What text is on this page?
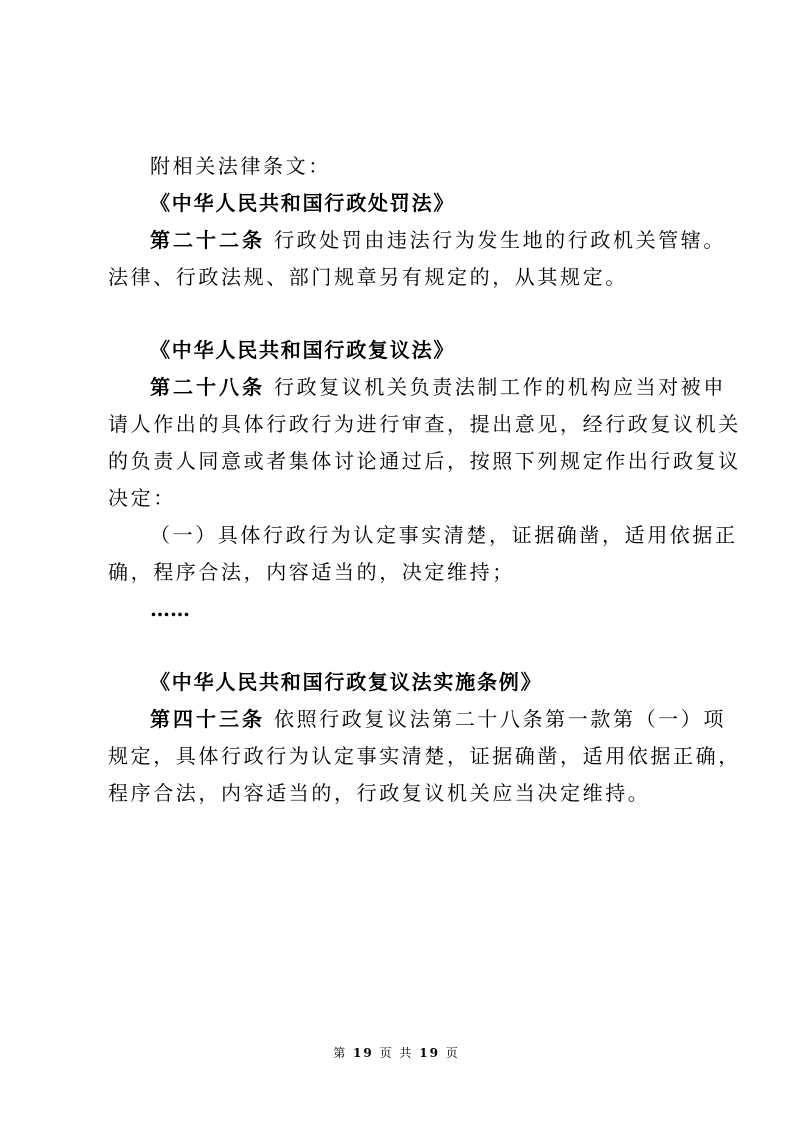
附相关法律条文：
《中华人民共和国行政处罚法》
第二十二条 行政处罚由违法行为发生地的行政机关管辖。
法律、行政法规、部门规章另有规定的，从其规定。
《中华人民共和国行政复议法》
第二十八条 行政复议机关负责法制工作的机构应当对被申
请人作出的具体行政行为进行审查，提出意见，经行政复议机关
的负责人同意或者集体讨论通过后，按照下列规定作出行政复议
决定：
（一）具体行政行为认定事实清楚，证据确凿，适用依据正
确，程序合法，内容适当的，决定维持；
……
《中华人民共和国行政复议法实施条例》
第四十三条 依照行政复议法第二十八条第一款第（一）项
规定，具体行政行为认定事实清楚，证据确凿，适用依据正确，
程序合法，内容适当的，行政复议机关应当决定维持。
第 19 页 共 19 页
